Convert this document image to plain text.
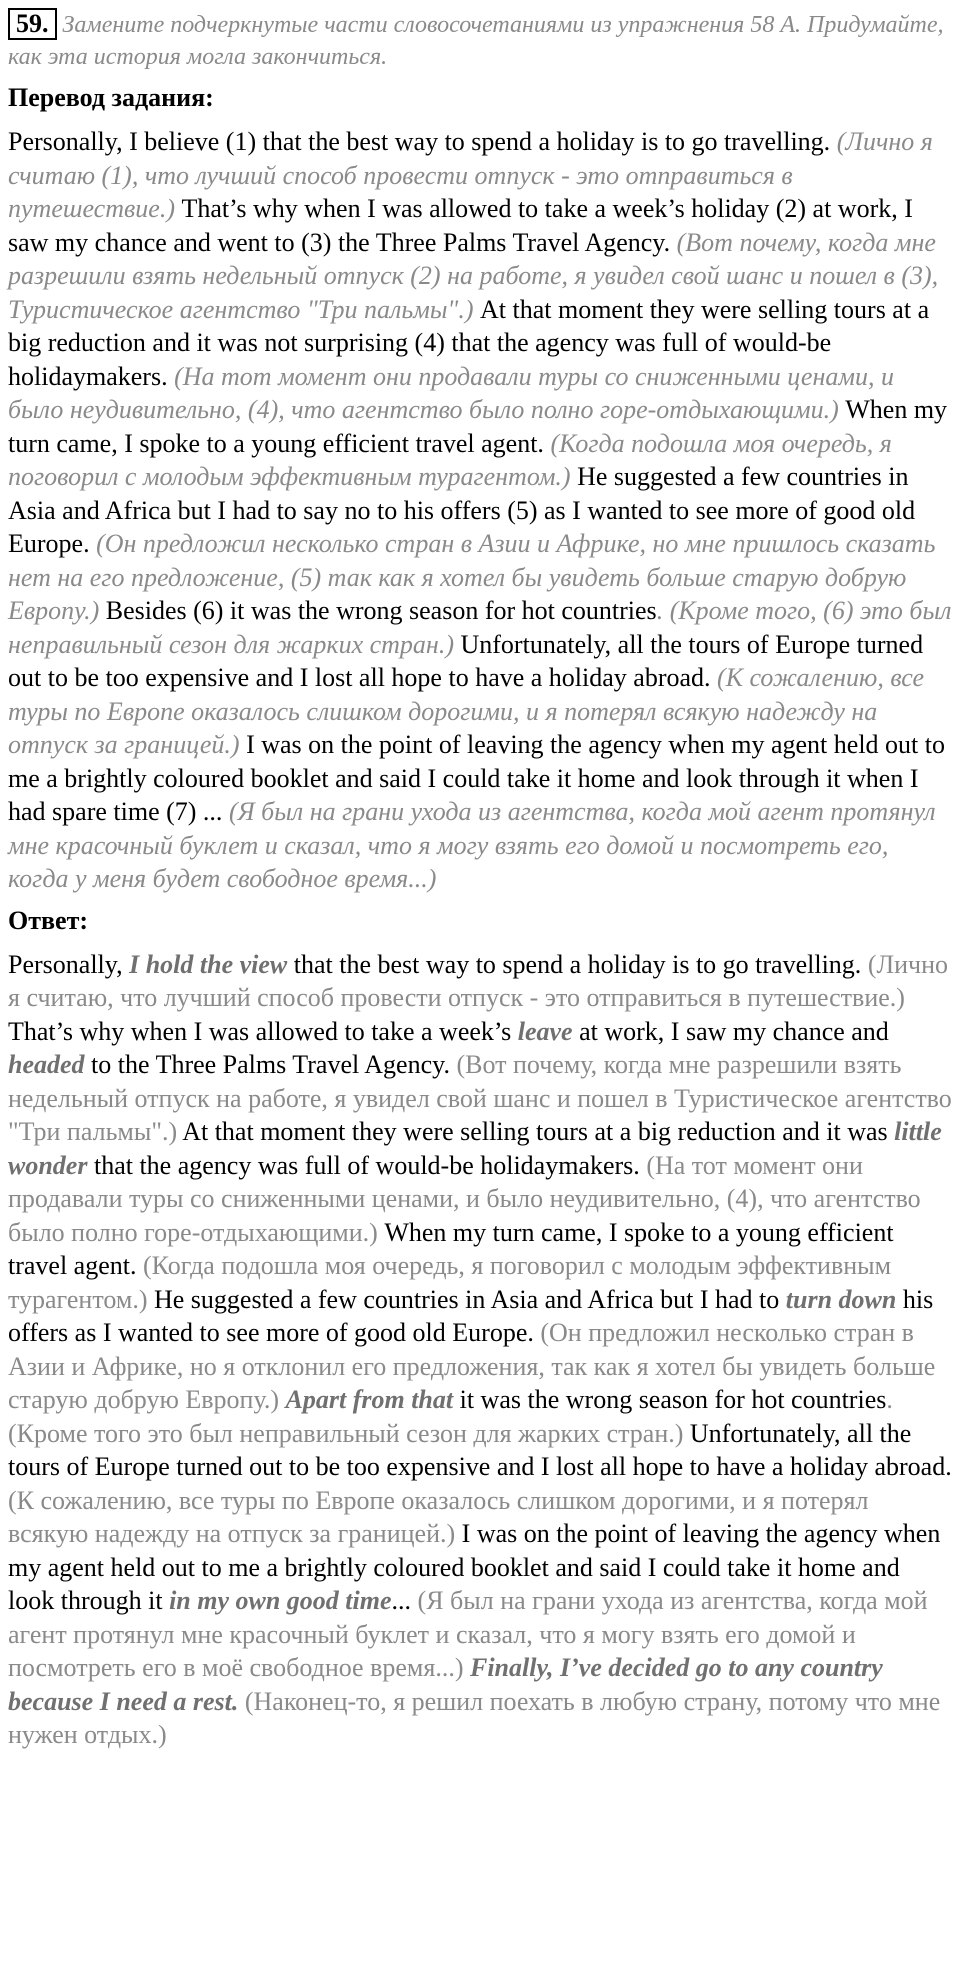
59. Замените подчеркнутые части словосочетаниями из упражнения 58 А. Придумайте, как эта история могла закончиться.
Перевод задания:
Personally, I believe (1) that the best way to spend a holiday is to go travelling. (Лично я считаю (1), что лучший способ провести отпуск - это отправиться в путешествие.) That’s why when I was allowed to take a week’s holiday (2) at work, I saw my chance and went to (3) the Three Palms Travel Agency. (Вот почему, когда мне разрешили взять недельный отпуск (2) на работе, я увидел свой шанс и пошел в (3), Туристическое агентство "Три пальмы".) At that moment they were selling tours at a big reduction and it was not surprising (4) that the agency was full of would-be holidaymakers. (На тот момент они продавали туры со сниженными ценами, и было неудивительно, (4), что агентство было полно горе-отдыхающими.) When my turn came, I spoke to a young efficient travel agent. (Когда подошла моя очередь, я поговорил с молодым эффективным турагентом.) He suggested a few countries in Asia and Africa but I had to say no to his offers (5) as I wanted to see more of good old Europe. (Он предложил несколько стран в Азии и Африке, но мне пришлось сказать нет на его предложение, (5) так как я хотел бы увидеть больше старую добрую Европу.) Besides (6) it was the wrong season for hot countries. (Кроме того, (6) это был неправильный сезон для жарких стран.) Unfortunately, all the tours of Europe turned out to be too expensive and I lost all hope to have a holiday abroad. (К сожалению, все туры по Европе оказалось слишком дорогими, и я потерял всякую надежду на отпуск за границей.) I was on the point of leaving the agency when my agent held out to me a brightly coloured booklet and said I could take it home and look through it when I had spare time (7) ... (Я был на грани ухода из агентства, когда мой агент протянул мне красочный буклет и сказал, что я могу взять его домой и посмотреть его, когда у меня будет свободное время...)
Ответ:
Personally, I hold the view that the best way to spend a holiday is to go travelling. (Лично я считаю, что лучший способ провести отпуск - это отправиться в путешествие.) That’s why when I was allowed to take a week’s leave at work, I saw my chance and headed to the Three Palms Travel Agency. (Вот почему, когда мне разрешили взять недельный отпуск на работе, я увидел свой шанс и пошел в Туристическое агентство "Три пальмы".) At that moment they were selling tours at a big reduction and it was little wonder that the agency was full of would-be holidaymakers. (На тот момент они продавали туры со сниженными ценами, и было неудивительно, (4), что агентство было полно горе-отдыхающими.) When my turn came, I spoke to a young efficient travel agent. (Когда подошла моя очередь, я поговорил с молодым эффективным турагентом.) He suggested a few countries in Asia and Africa but I had to turn down his offers as I wanted to see more of good old Europe. (Он предложил несколько стран в Азии и Африке, но я отклонил его предложения, так как я хотел бы увидеть больше старую добрую Европу.) Apart from that it was the wrong season for hot countries. (Кроме того это был неправильный сезон для жарких стран.) Unfortunately, all the tours of Europe turned out to be too expensive and I lost all hope to have a holiday abroad. (К сожалению, все туры по Европе оказалось слишком дорогими, и я потерял всякую надежду на отпуск за границей.) I was on the point of leaving the agency when my agent held out to me a brightly coloured booklet and said I could take it home and look through it in my own good time... (Я был на грани ухода из агентства, когда мой агент протянул мне красочный буклет и сказал, что я могу взять его домой и посмотреть его в моё свободное время...) Finally, I’ve decided go to any country because I need a rest. (Наконец-то, я решил поехать в любую страну, потому что мне нужен отдых.)
